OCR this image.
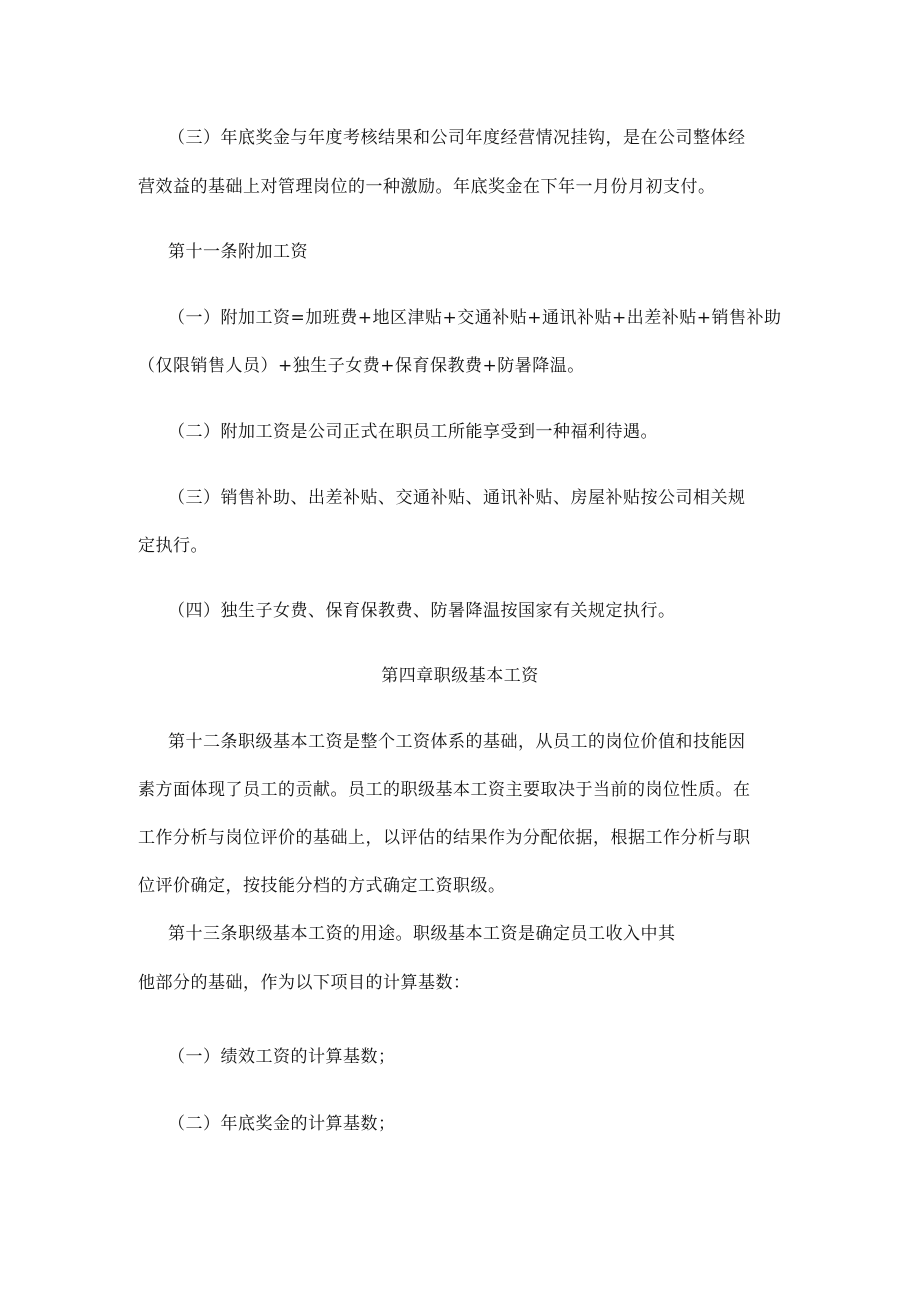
（三）年底奖金与年度考核结果和公司年度经营情况挂钩，是在公司整体经
营效益的基础上对管理岗位的一种激励。年底奖金在下年一月份月初支付。
第十一条附加工资
（一）附加工资=加班费+地区津贴+交通补贴+通讯补贴+出差补贴+销售补助
（仅限销售人员）+独生子女费+保育保教费+防暑降温。
（二）附加工资是公司正式在职员工所能享受到一种福利待遇。
（三）销售补助、出差补贴、交通补贴、通讯补贴、房屋补贴按公司相关规
定执行。
（四）独生子女费、保育保教费、防暑降温按国家有关规定执行。
第四章职级基本工资
第十二条职级基本工资是整个工资体系的基础，从员工的岗位价值和技能因
素方面体现了员工的贡献。员工的职级基本工资主要取决于当前的岗位性质。在
工作分析与岗位评价的基础上，以评估的结果作为分配依据，根据工作分析与职
位评价确定，按技能分档的方式确定工资职级。
第十三条职级基本工资的用途。职级基本工资是确定员工收入中其
他部分的基础，作为以下项目的计算基数：
（一）绩效工资的计算基数；
（二）年底奖金的计算基数；
